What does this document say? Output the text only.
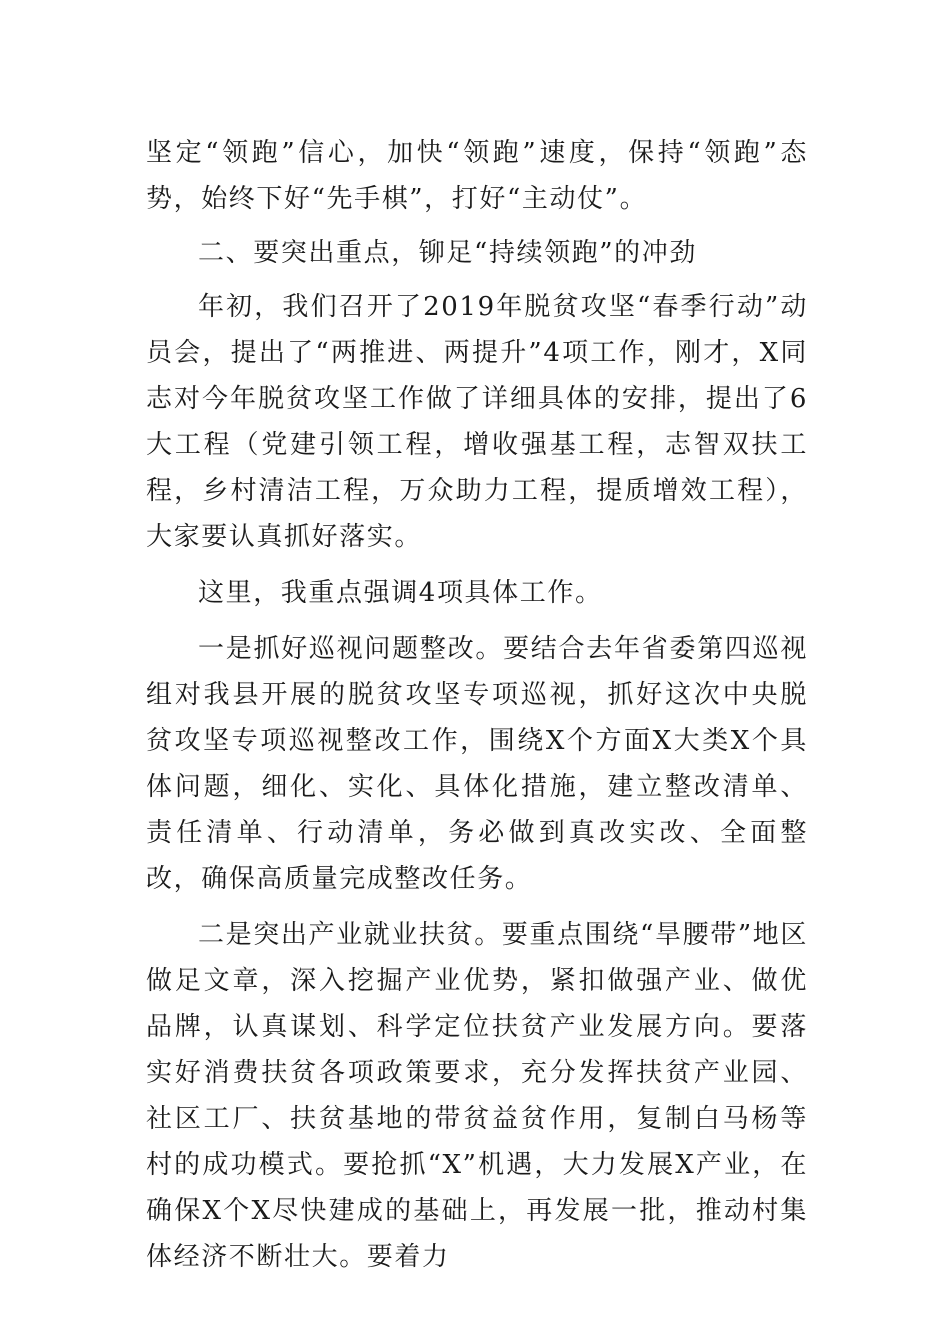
坚定“领跑”信心，加快“领跑”速度，保持“领跑”态势，始终下好“先手棋”，打好“主动仗”。

二、要突出重点，铆足“持续领跑”的冲劲

年初，我们召开了2019年脱贫攻坚“春季行动”动员会，提出了“两推进、两提升”4项工作，刚才，X同志对今年脱贫攻坚工作做了详细具体的安排，提出了6大工程（党建引领工程，增收强基工程，志智双扶工程，乡村清洁工程，万众助力工程，提质增效工程），大家要认真抓好落实。

这里，我重点强调4项具体工作。

一是抓好巡视问题整改。要结合去年省委第四巡视组对我县开展的脱贫攻坚专项巡视，抓好这次中央脱贫攻坚专项巡视整改工作，围绕X个方面X大类X个具体问题，细化、实化、具体化措施，建立整改清单、责任清单、行动清单，务必做到真改实改、全面整改，确保高质量完成整改任务。

二是突出产业就业扶贫。要重点围绕“旱腰带”地区做足文章，深入挖掘产业优势，紧扣做强产业、做优品牌，认真谋划、科学定位扶贫产业发展方向。要落实好消费扶贫各项政策要求，充分发挥扶贫产业园、社区工厂、扶贫基地的带贫益贫作用，复制白马杨等村的成功模式。要抢抓“X”机遇，大力发展X产业，在确保X个X尽快建成的基础上，再发展一批，推动村集体经济不断壮大。要着力
